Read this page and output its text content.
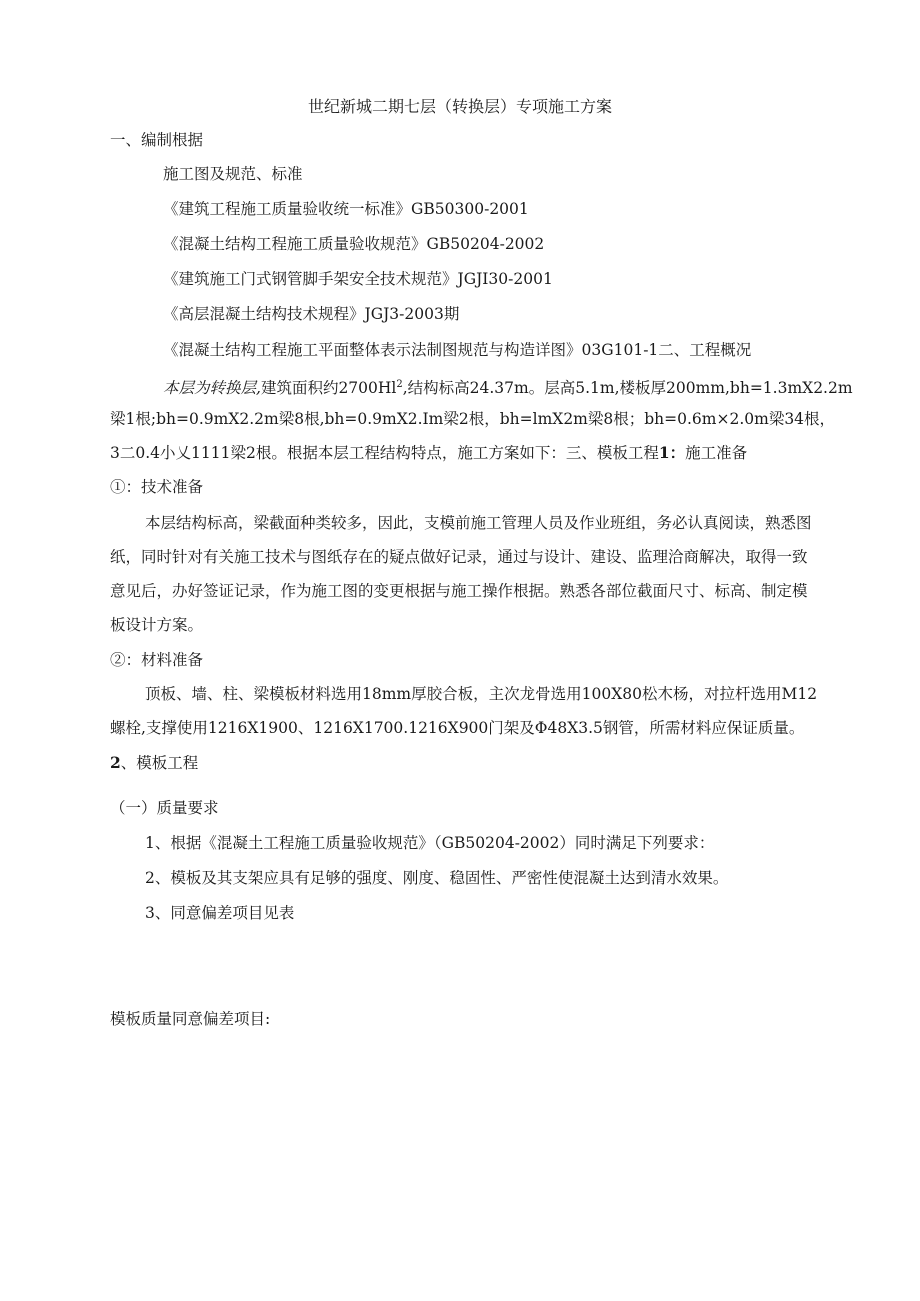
世纪新城二期七层（转换层）专项施工方案
一、编制根据
施工图及规范、标准
《建筑工程施工质量验收统一标准》GB50300-2001
《混凝土结构工程施工质量验收规范》GB50204-2002
《建筑施工门式钢管脚手架安全技术规范》JGJI30-2001
《高层混凝土结构技术规程》JGJ3-2003期
《混凝土结构工程施工平面整体表示法制图规范与构造详图》03G101-1二、工程概况
本层为转换层,建筑面积约2700Hl$^2$,结构标高24.37m。层高5.1m,楼板厚200mm,bh=1.3mX2.2m
梁1根;bh=0.9mX2.2m梁8根,bh=0.9mX2.Im梁2根，bh=lmX2m梁8根；bh=0.6m×2.0m梁34根，
3二0.4小乂1111梁2根。根据本层工程结构特点，施工方案如下：三、模板工程1：施工准备
①：技术准备
本层结构标高，梁截面种类较多，因此，支模前施工管理人员及作业班组，务必认真阅读，熟悉图
纸，同时针对有关施工技术与图纸存在的疑点做好记录，通过与设计、建设、监理洽商解决，取得一致
意见后，办好签证记录，作为施工图的变更根据与施工操作根据。熟悉各部位截面尺寸、标高、制定模
板设计方案。
②：材料准备
顶板、墙、柱、梁模板材料选用18mm厚胶合板，主次龙骨选用100X80松木杨，对拉杆选用M12
螺栓,支撑使用1216X1900、1216X1700.1216X900门架及Φ48X3.5钢管，所需材料应保证质量。
2、模板工程
（一）质量要求
1、根据《混凝土工程施工质量验收规范》（GB50204-2002）同时满足下列要求：
2、模板及其支架应具有足够的强度、刚度、稳固性、严密性使混凝土达到清水效果。
3、同意偏差项目见表
模板质量同意偏差项目:
